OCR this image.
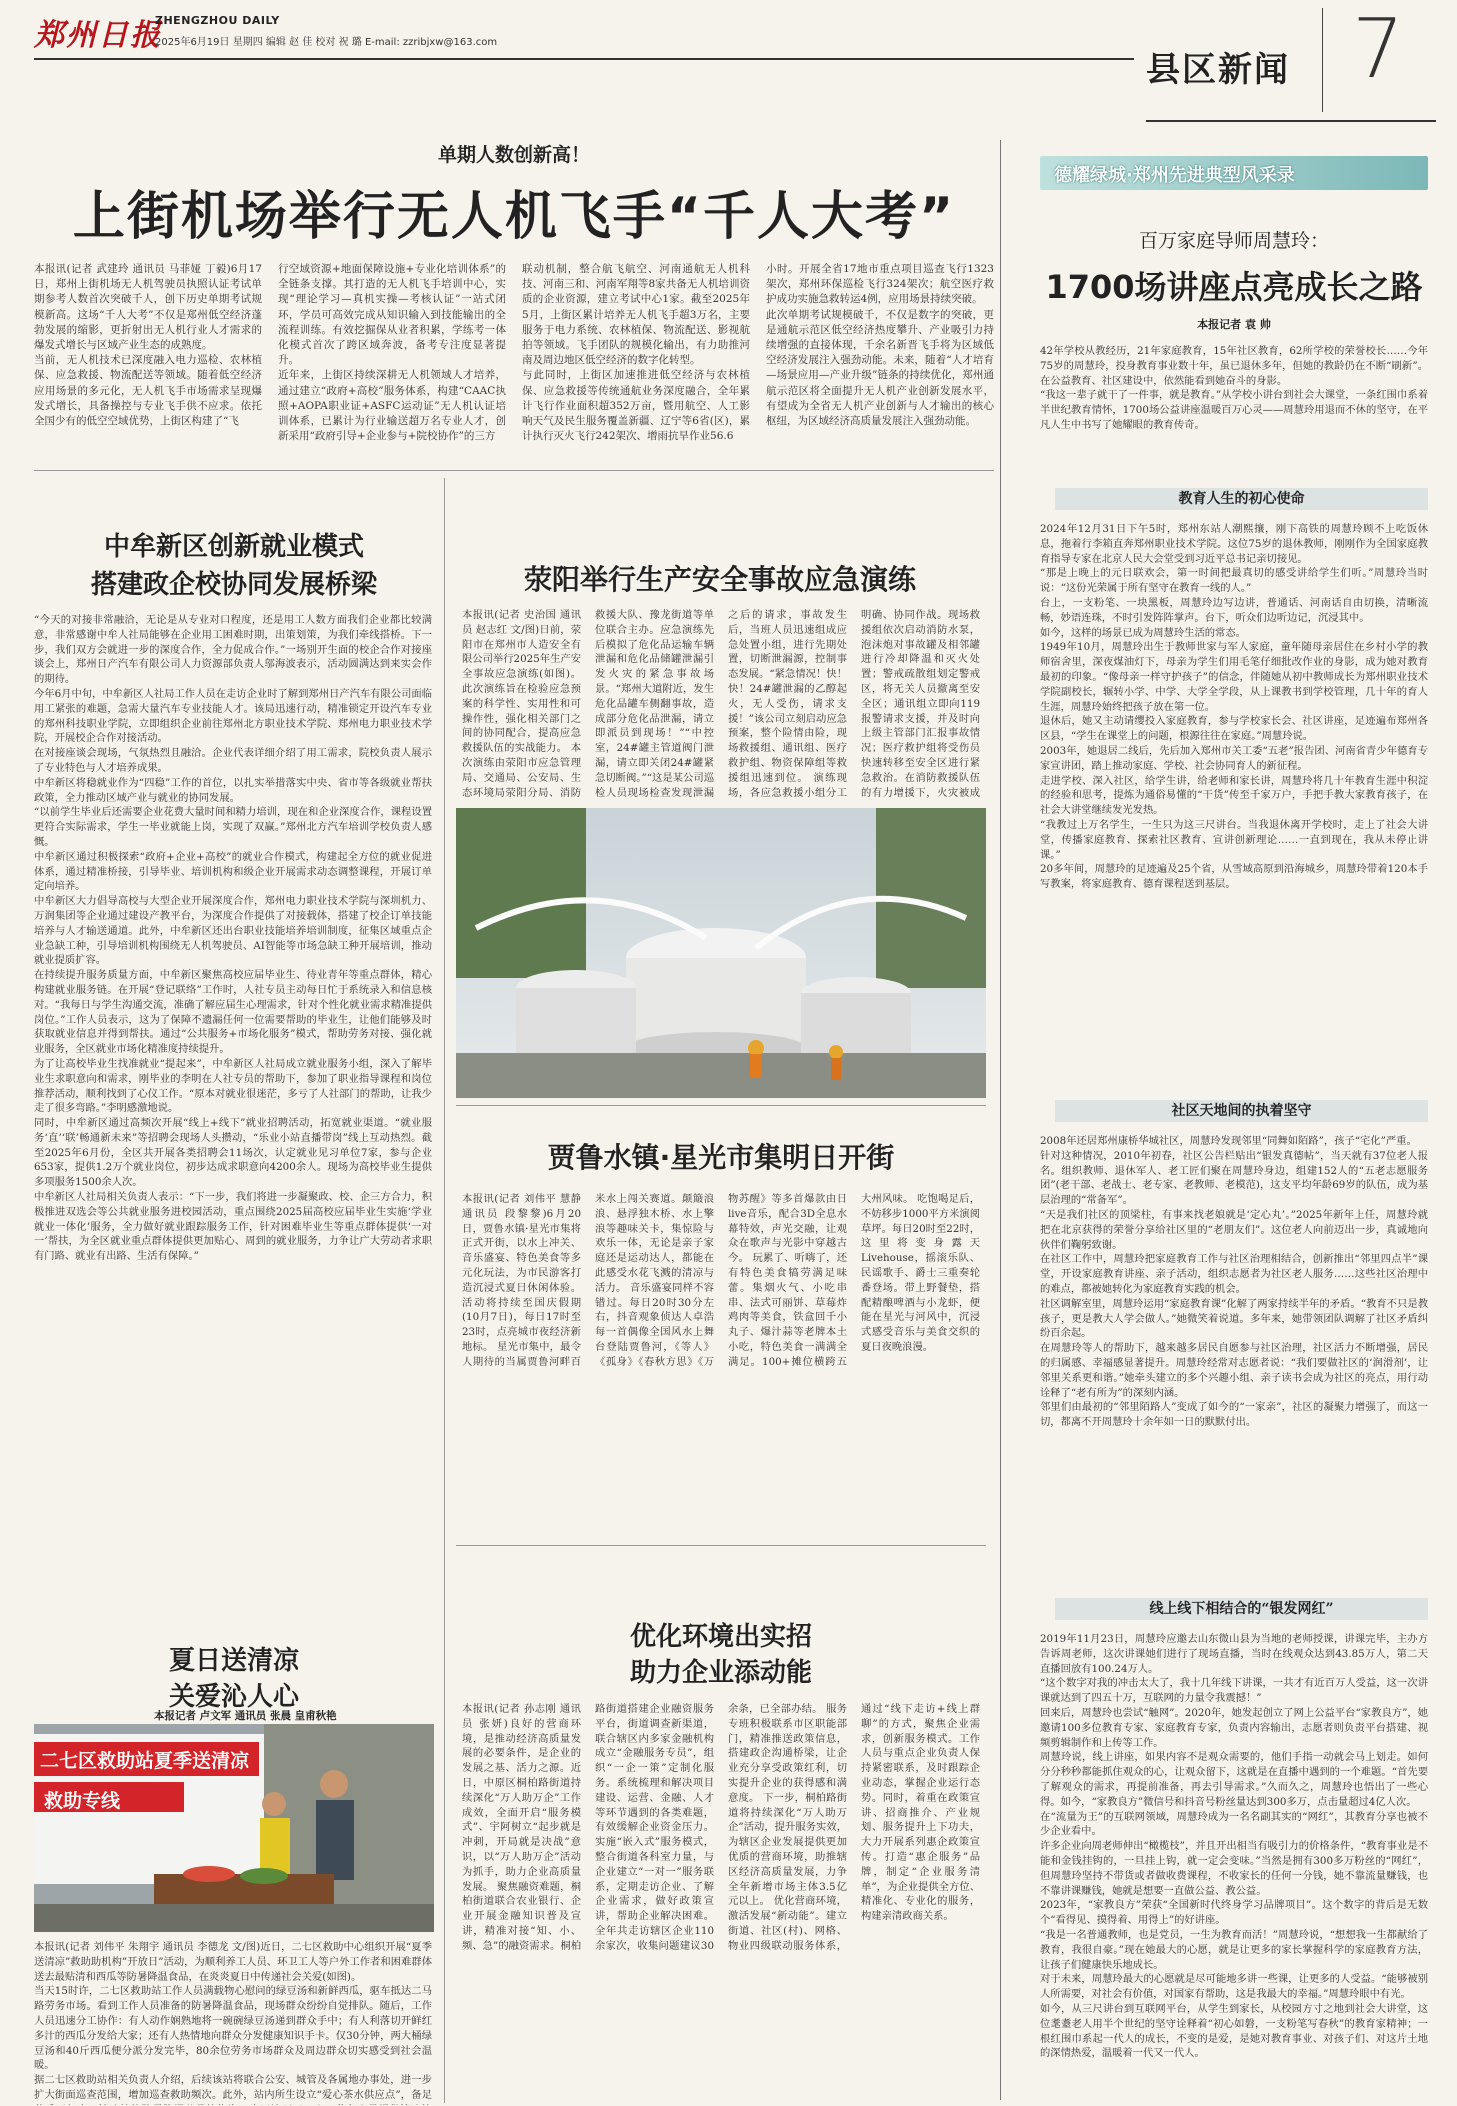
郑州日报
ZHENGZHOU DAILY
2025年6月19日 星期四 编辑 赵 佳 校对 祝 璐 E-mail: zzribjxw@163.com
县区新闻 7
单期人数创新高！
上街机场举行无人机飞手“千人大考”
本报讯(记者 武建玲 通讯员 马菲娅 丁毅)6月17日，郑州上街机场无人机驾驶员执照认证考试单期参考人数首次突破千人，创下历史单期考试规模新高。这场“千人大考”不仅是郑州低空经济蓬勃发展的缩影，更折射出无人机行业人才需求的爆发式增长与区域产业生态的成熟度。
当前，无人机技术已深度融入电力巡检、农林植保、应急救援、物流配送等领域。随着低空经济应用场景的多元化，无人机飞手市场需求呈现爆发式增长，具备操控与专业飞手供不应求。依托全国少有的低空空域优势，上街区构建了“飞
行空域资源+地面保障设施+专业化培训体系”的全链条支撑。其打造的无人机飞手培训中心，实现“理论学习—真机实操—考核认证”一站式闭环，学员可高效完成从知识输入到技能输出的全流程训练。有效挖掘保从业者积累，学练考一体化模式首次了跨区域奔波，备考专注度显著提升。
近年来，上街区持续深耕无人机领域人才培养，通过建立“政府+高校”服务体系，构建“CAAC执照+AOPA职业证+ASFC运动证”无人机认证培训体系，已累计为行业输送超万名专业人才，创新采用“政府引导+企业参与+院校协作”的三方
联动机制，整合航飞航空、河南通航无人机科技、河南三和、河南军翔等8家共备无人机培训资质的企业资源，建立考试中心1家。截至2025年5月，上街区累计培养无人机飞手超3万名，主要服务于电力系统、农林植保、物流配送、影视航拍等领域。飞手团队的规模化输出，有力助推河南及周边地区低空经济的数字化转型。
与此同时，上街区加速推进低空经济与农林植保、应急救援等传统通航业务深度融合，全年累计飞行作业面积超352万亩，暨用航空、人工影响天气及民生服务覆盖新疆、辽宁等6省(区)，累计执行灭火飞行242架次、增雨抗旱作业56.6
小时。开展全省17地市重点项目巡查飞行1323架次，郑州环保巡检飞行324架次；航空医疗救护成功实施急救转运4例，应用场景持续突破。
此次单期考试规模破千，不仅是数字的突破，更是通航示范区低空经济热度攀升、产业吸引力持续增强的直接体现，千余名新晋飞手将为区域低空经济发展注入强劲动能。未来，随着“人才培育—场景应用—产业升级”链条的持续优化，郑州通航示范区将全面提升无人机产业创新发展水平，有望成为全省无人机产业创新与人才输出的核心枢纽，为区域经济高质量发展注入强劲动能。
中牟新区创新就业模式
搭建政企校协同发展桥梁
“今天的对接非常融洽，无论是从专业对口程度，还是用工人数方面我们企业都比较满意，非常感谢中牟人社局能够在企业用工困难时期，出策划策，为我们牵线搭桥。下一步，我们双方会就进一步的深度合作，全力促成合作。”一场别开生面的校企合作对接座谈会上，郑州日产汽车有限公司人力资源部负责人邬海波表示，活动圆满达到来实会作的期待。
今年6月中旬，中牟新区人社局工作人员在走访企业时了解到郑州日产汽车有限公司面临用工紧张的难题，急需大量汽车专业技能人才。该局迅速行动，精准锁定开设汽车专业的郑州科技职业学院，立即组织企业前往郑州北方职业技术学院、郑州电力职业技术学院，开展校企合作对接活动。
在对接座谈会现场，气氛热烈且融洽。企业代表详细介绍了用工需求，院校负责人展示了专业特色与人才培养成果。
中牟新区将稳就业作为“四稳”工作的首位，以扎实举措落实中央、省市等各级就业帮扶政策，全力推动区域产业与就业的协同发展。
“以前学生毕业后还需要企业花费大量时间和精力培训，现在和企业深度合作，课程设置更符合实际需求，学生一毕业就能上岗，实现了双赢。”郑州北方汽车培训学校负责人感慨。
中牟新区通过积极探索“政府+企业+高校”的就业合作模式，构建起全方位的就业促进体系，通过精准桥接，引导毕业、培训机构和级企业开展需求动态调整课程，开展订单定向培养。
中牟新区大力倡导高校与大型企业开展深度合作，郑州电力职业技术学院与深圳机力、万润集团等企业通过建设产教平台，为深度合作提供了对接载体，搭建了校企订单技能培养与人才输送通道。此外，中牟新区还出台职业技能培养培训制度，征集区域重点企业急缺工种，引导培训机构围绕无人机驾驶员、AI智能等市场急缺工种开展培训，推动就业提质扩容。
在持续提升服务质量方面，中牟新区聚焦高校应届毕业生、待业青年等重点群体，精心构建就业服务链。在开展“登记联络”工作时，人社专员主动每日忙于系统录入和信息核对。“我每日与学生沟通交流，准确了解应届生心理需求，针对个性化就业需求精准提供岗位。”工作人员表示，这为了保障不遗漏任何一位需要帮助的毕业生，让他们能够及时获取就业信息并得到帮扶。通过“公共服务+市场化服务”模式，帮助劳务对接、强化就业服务，全区就业市场化精准度持续提升。
为了让高校毕业生找准就业“提起来”，中牟新区人社局成立就业服务小组，深入了解毕业生求职意向和需求，刚毕业的李明在人社专员的帮助下，参加了职业指导课程和岗位推荐活动，顺利找到了心仪工作。“原本对就业很迷茫，多亏了人社部门的帮助，让我少走了很多弯路。”李明感激地说。
同时，中牟新区通过高频次开展“线上+线下”就业招聘活动，拓宽就业渠道。“就业服务‘直’‘联’畅通新未来”等招聘会现场人头攒动，“乐业小站直播带岗”线上互动热烈。截至2025年6月份，全区共开展各类招聘会11场次，认定就业见习单位7家，参与企业653家，提供1.2万个就业岗位，初步达成求职意向4200余人。现场为高校毕业生提供多项服务1500余人次。
中牟新区人社局相关负责人表示：“下一步，我们将进一步凝聚政、校、企三方合力，积极推进双选会等公共就业服务进校园活动，重点围绕2025届高校应届毕业生实施‘学业就业一体化’服务，全力做好就业跟踪服务工作，针对困难毕业生等重点群体提供‘一对一’帮扶，为全区就业重点群体提供更加贴心、周到的就业服务，力争让广大劳动者求职有门路、就业有出路、生活有保障。”
本报记者 卢文军 通讯员 张晨 皇甫秋艳
荥阳举行生产安全事故应急演练
本报讯(记者 史治国 通讯员 赵志红 文/图)日前，荥阳市在郑州市人造安全有限公司举行2025年生产安全事故应急演练(如图)。此次演练旨在检验应急预案的科学性、实用性和可操作性，强化相关部门之间的协同配合，提高应急救援队伍的实战能力。 本次演练由荥阳市应急管理局、交通局、公安局、生态环境局荥阳分局、消防救援大队、豫龙街道等单位联合主办。应急演练先后模拟了危化品运输车辆泄漏和危化品储罐泄漏引发火灾的紧急事故场景。“郑州大道附近，发生危化品罐车侧翻事故，造成部分危化品泄漏，请立即派员到现场！”“中控室，24#罐主管道阀门泄漏，请立即关闭24#罐紧急切断阀。”“这是某公司巡检人员现场检查发现泄漏之后的请求，事故发生后，当班人员迅速组成应急处置小组，进行先期处置，切断泄漏源，控制事态发展。“紧急情况！快！快！24#罐泄漏的乙醇起火，无人受伤，请求支援！”该公司立刻启动应急预案，整个险情由险，现场救援组、通讯组、医疗救护组、物资保障组等救援组迅速到位。 演练现场，各应急救援小组分工明确、协同作战。现场救援组依次启动消防水泵，泡沫炮对事故罐及相邻罐进行冷却降温和灭火处置；警戒疏散组划定警戒区，将无关人员撤离至安全区；通讯组立即向119报警请求支援，并及时向上级主管部门汇报事故情况；医疗救护组将受伤员快速转移至安全区进行紧急救治。在消防救援队伍的有力增援下，火灾被成
贾鲁水镇·星光市集明日开街
本报讯(记者 刘伟平 慧静 通讯员 段黎黎)6月20日，贾鲁水镇·星光市集将正式开街，以水上冲关、音乐盛宴、特色美食等多元化玩法，为市民游客打造沉浸式夏日休闲体验。 活动将持续至国庆假期(10月7日)，每日17时至23时，点亮城市夜经济新地标。 星光市集中，最令人期待的当属贾鲁河畔百米水上闯关赛道。颠簸浪浪、悬浮独木桥、水上擎浪等趣味关卡，集惊险与欢乐一体，无论是亲子家庭还是运动达人，都能在此感受水花飞溅的清凉与活力。 音乐盛宴同样不容错过。每日20时30分左右，抖音观象侦达人卓浩每一首偶像全国风水上舞台登陆贾鲁河，《等人》《孤身》《春秋方思》《万物苏醒》等多首爆款由日live音乐，配合3D全息水幕特效，声光交融，让观众在歌声与光影中穿越古今。 玩累了、听嗨了，还有特色美食犒劳满足味蕾。集烟火气、小吃串串、法式可丽饼、草莓炸鸡肉等美食，铁盒回千小丸子、爆汁蒜等老牌本土小吃，特色美食一满满全满足。100+摊位横跨五大州风味。 吃饱喝足后，不妨移步1000平方米演阅草坪。每日20时至22时，这里将变身露天Livehouse，摇滚乐队、民谣歌手、爵士三重奏轮番登场。带上野餐垫，搭配精酿啤酒与小龙虾，便能在星光与河风中，沉浸式感受音乐与美食交织的夏日夜晚浪漫。
夏日送清凉
关爱沁人心
二七区救助站夏季送清凉
救助专线
本报讯(记者 刘伟平 朱翔宇 通讯员 李德龙 文/图)近日，二七区救助中心组织开展“夏季送清凉”救助助机构”开放日”活动，为顺利养工人员、环卫工人等户外工作者和困难群体送去最贴清和西瓜等防暑降温食品，在炎炎夏日中传递社会关爱(如图)。
当天15时许，二七区救助站工作人员满载物心慰问的绿豆汤和新鲜西瓜，驱车抵达二马路劳务市场。看到工作人员准备的防暑降温食品，现场群众纷纷自觉排队。随后，工作人员迅速分工协作：有人动作娴熟地将一碗碗绿豆汤递到群众手中；有人利落切开鲜红多汁的西瓜分发给大家；还有人热情地向群众分发健康知识手卡。仅30分钟，两大桶绿豆汤和40斤西瓜便分派分发完毕，80余位劳务市场群众及周边群众切实感受到社会温暖。
据二七区救助站相关负责人介绍，后续该站将联合公安、城管及各属地办事处，进一步扩大街面巡查范围，增加巡查救助频次。此外，站内所生设立“爱心茶水供应点”，备足
优化环境出实招
助力企业添动能
本报讯(记者 孙志刚 通讯员 张妍)良好的营商环境，是推动经济高质量发展的必要条件，是企业的发展之基、活力之源。近日，中原区桐柏路街道持续深化“万人助万企”工作成效，全面开启“服务模式”、宇阿树立“起步就是冲刺，开局就是决战”意识，以“万人助万企”活动为抓手，助力企业高质量发展。 聚焦融资难题，桐柏街道联合农业银行、企业开展金融知识普及宣讲，精准对接“知、小、频、急”的融资需求。桐柏路街道搭建企业融资服务平台，街道调查新渠道，联合辖区内多家金融机构成立“金融服务专员”，组织“一企一策”定制化服务。系统梳理和解决项目建设、运营、金融、人才等环节遇到的各类难题，有效缓解企业资金压力。 实施“嵌入式”服务模式，整合街道各科室力量，与企业建立“一对一”服务联系，定期走访企业、了解企业需求，做好政策宣讲，帮助企业解决困难。全年共走访辖区企业110余家次，收集问题建议30余条，已全部办结。 服务专班积极联系市区职能部门，精准推送政策信息，搭建政企沟通桥梁，让企业充分享受政策红利，切实提升企业的获得感和满意度。 下一步，桐柏路街道将持续深化“万人助万企”活动，提升服务实效，为辖区企业发展提供更加优质的营商环境，助推辖区经济高质量发展，力争全年新增市场主体3.5亿元以上。 优化营商环境，激活发展“新动能”。建立街道、社区(村)、网格、物业四级联动服务体系，通过“线下走访+线上群聊”的方式，聚焦企业需求，创新服务模式。工作人员与重点企业负责人保持紧密联系，及时跟踪企业动态，掌握企业运行态势。同时，着重在政策宣讲、招商推介、产业规划、服务提升上下功夫，大力开展系列惠企政策宣传。打造“惠企服务”品牌，制定“企业服务清单”，为企业提供全方位、精准化、专业化的服务，构建亲清政商关系。
德耀绿城·郑州先进典型风采录
百万家庭导师周慧玲：
1700场讲座点亮成长之路
本报记者 袁 帅
42年学校从教经历，21年家庭教育，15年社区教育，62所学校的荣誉校长……今年75岁的周慧玲，投身教育事业数十年，虽已退休多年，但她的教龄仍在不断“刷新”。在公益教育、社区建设中，依然能看到她奋斗的身影。
“我这一辈子就干了一件事，就是教育。”从学校小讲台到社会大课堂，一条红围巾系着半世纪教育情怀，1700场公益讲座温暖百万心灵——周慧玲用退而不休的坚守，在平凡人生中书写了她耀眼的教育传奇。
教育人生的初心使命
2024年12月31日下午5时，郑州东站人潮熙攘，刚下高铁的周慧玲顾不上吃饭休息，拖着行李箱直奔郑州职业技术学院。这位75岁的退休教师，刚刚作为全国家庭教育指导专家在北京人民大会堂受到习近平总书记亲切接见。
“那是上晚上的元日联欢会，第一时间把最真切的感受讲给学生们听。”周慧玲当时说：“这份光荣属于所有坚守在教育一线的人。”
台上，一支粉笔、一块黑板，周慧玲边写边讲，普通话、河南话自由切换，清晰流畅，妙语连珠，不时引发阵阵掌声。台下，听众们边听边记，沉浸其中。
如今，这样的场景已成为周慧玲生活的常态。
1949年10月，周慧玲出生于教师世家与军人家庭，童年随母亲居住在乡村小学的教师宿舍里，深夜煤油灯下，母亲为学生们用毛笔仔细批改作业的身影，成为她对教育最初的印象。“像母亲一样守护孩子”的信念，伴随她从初中教师成长为郑州职业技术学院副校长，辗转小学、中学、大学全学段，从上课教书到学校管理，几十年的育人生涯，周慧玲始终把孩子放在第一位。
退休后，她又主动请缨投入家庭教育，参与学校家长会、社区讲座，足迹遍布郑州各区县，“学生在课堂上的问题，根源往往在家庭。”周慧玲说。
2003年，她退居二线后，先后加入郑州市关工委“五老”报告团、河南省青少年德育专家宣讲团，踏上推动家庭、学校、社会协同育人的新征程。
走进学校、深入社区，给学生讲，给老师和家长讲，周慧玲将几十年教育生涯中积淀的经验和思考，提炼为通俗易懂的“干货”传至千家万户，手把手教大家教育孩子，在社会大讲堂继续发光发热。
“我教过上万名学生，一生只为这三尺讲台。当我退休离开学校时，走上了社会大讲堂，传播家庭教育、探索社区教育、宣讲创新理论……一直到现在，我从未停止讲课。”
20多年间，周慧玲的足迹遍及25个省，从雪域高原到沿海城乡，周慧玲带着120本手写教案，将家庭教育、德育课程送到基层。
社区天地间的执着坚守
2008年还居郑州康桥华城社区，周慧玲发现邻里“同舞如陌路”，孩子“宅化”严重。
针对这种情况，2010年初春，社区公告栏贴出“银发真德帖”，当天就有37位老人报名。组织教师、退休军人、老工匠们聚在周慧玲身边，组建152人的“五老志愿服务团”(老干部、老战士、老专家、老教师、老模范)，这支平均年龄69岁的队伍，成为基层治理的“常备军”。
“天是我们社区的顶梁柱，有事来找老娘就是‘定心丸’。”2025年新年上任，周慧玲就把在北京获得的荣誉分享给社区里的“老朋友们”。这位老人向前迈出一步，真诚地向伙伴们鞠躬致谢。
在社区工作中，周慧玲把家庭教育工作与社区治理相结合，创新推出“邻里四点半”课堂，开设家庭教育讲座、亲子活动，组织志愿者为社区老人服务……这些社区治理中的难点，都被她转化为家庭教育实践的机会。
社区调解室里，周慧玲运用“家庭教育课”化解了两家持续半年的矛盾。“教育不只是教孩子，更是教大人学会做人。”她微笑着说道。多年来，她带领团队调解了社区矛盾纠纷百余起。
在周慧玲等人的帮助下，越来越多居民自愿参与社区治理，社区活力不断增强，居民的归属感、幸福感显著提升。周慧玲经常对志愿者说：“我们要做社区的‘润滑剂’，让邻里关系更和谐。”她牵头建立的多个兴趣小组、亲子读书会成为社区的亮点，用行动诠释了“老有所为”的深刻内涵。
邻里们由最初的“邻里陌路人”变成了如今的“一家亲”，社区的凝聚力增强了，而这一切，都离不开周慧玲十余年如一日的默默付出。
线上线下相结合的“银发网红”
2019年11月23日，周慧玲应邀去山东微山县为当地的老师授课，讲课完毕，主办方告诉周老师，这次讲课她们进行了现场直播，当时在线观众达到43.85万人，第二天直播回放有100.24万人。
“这个数字对我的冲击太大了，我十几年线下讲课，一共才有近百万人受益，这一次讲课就达到了四五十万，互联网的力量令我震撼！”
回来后，周慧玲也尝试“触网”。2020年，她发起创立了网上公益平台“家教良方”，她邀请100多位教育专家、家庭教育专家，负责内容输出，志愿者则负责平台搭建、视频剪辑制作和上传等工作。
周慧玲说，线上讲座，如果内容不是观众需要的，他们手指一动就会马上划走。如何分分秒秒都能抓住观众的心，让观众留下，这就是在直播中遇到的一个难题。“首先要了解观众的需求，再提前准备，再去引导需求。”久而久之，周慧玲也悟出了一些心得。如今，“家教良方”微信号和抖音号粉丝量达到300多万，点击量超过4亿人次。
在“流量为王”的互联网领域，周慧玲成为一名名副其实的“网红”，其教育分享也被不少企业看中。
许多企业向周老师伸出“橄榄枝”，并且开出相当有吸引力的价格条件，“教育事业是不能和金钱挂钩的，一旦挂上钩，就一定会变味。”当然是拥有300多万粉丝的“网红”，但周慧玲坚持不带货或者做收费课程，不收家长的任何一分钱，她不靠流量赚钱，也不靠讲课赚钱，她就是想要一直做公益、教公益。
2023年，“家教良方”荣获“全国新时代终身学习品牌项目”。这个数字的背后是无数个“看得见、摸得着、用得上”的好讲座。
“我是一名普通教师，也是党员，一生为教育而活！”周慧玲说，“想想我一生都献给了教育，我很自豪。”现在她最大的心愿，就是让更多的家长掌握科学的家庭教育方法，让孩子们健康快乐地成长。
对于未来，周慧玲最大的心愿就是尽可能地多讲一些课，让更多的人受益。“能够被别人所需要，对社会有价值，对国家有帮助，这是我最大的幸福。”周慧玲眼中有光。
如今，从三尺讲台到互联网平台，从学生到家长，从校园方寸之地到社会大讲堂，这位耄耋老人用半个世纪的坚守诠释着“初心如磐，一支粉笔写春秋”的教育家精神；一根红围巾系起一代人的成长，不变的是爱，是她对教育事业、对孩子们、对这片土地的深情热爱，温暖着一代又一代人。
